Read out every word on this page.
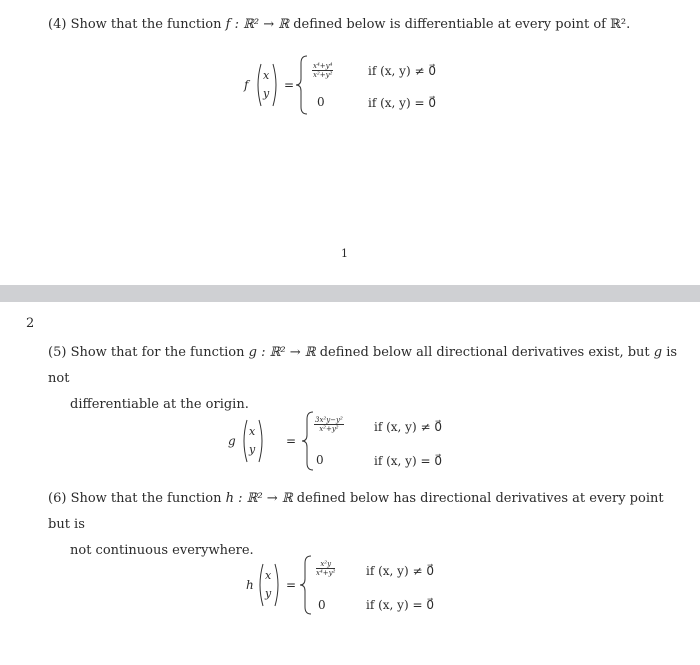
(4) Show that the function f : ℝ² → ℝ defined below is differentiable at every point of ℝ².
f
x
y
=
$\frac{\text{x⁴+y⁴}}{\text{x²+y²}}$
0
if (x, y) ≠ 0⃗
if (x, y) = 0⃗
1
2
(5) Show that for the function g : ℝ² → ℝ defined below all directional derivatives exist, but g is not
differentiable at the origin.
g
x
y
=
$\frac{\text{3x²y−y²}}{\text{x²+y²}}$
0
if (x, y) ≠ 0⃗
if (x, y) = 0⃗
(6) Show that the function h : ℝ² → ℝ defined below has directional derivatives at every point but is
not continuous everywhere.
h
x
y
=
$\frac{\text{x²y}}{\text{x⁴+y²}}$
0
if (x, y) ≠ 0⃗
if (x, y) = 0⃗
